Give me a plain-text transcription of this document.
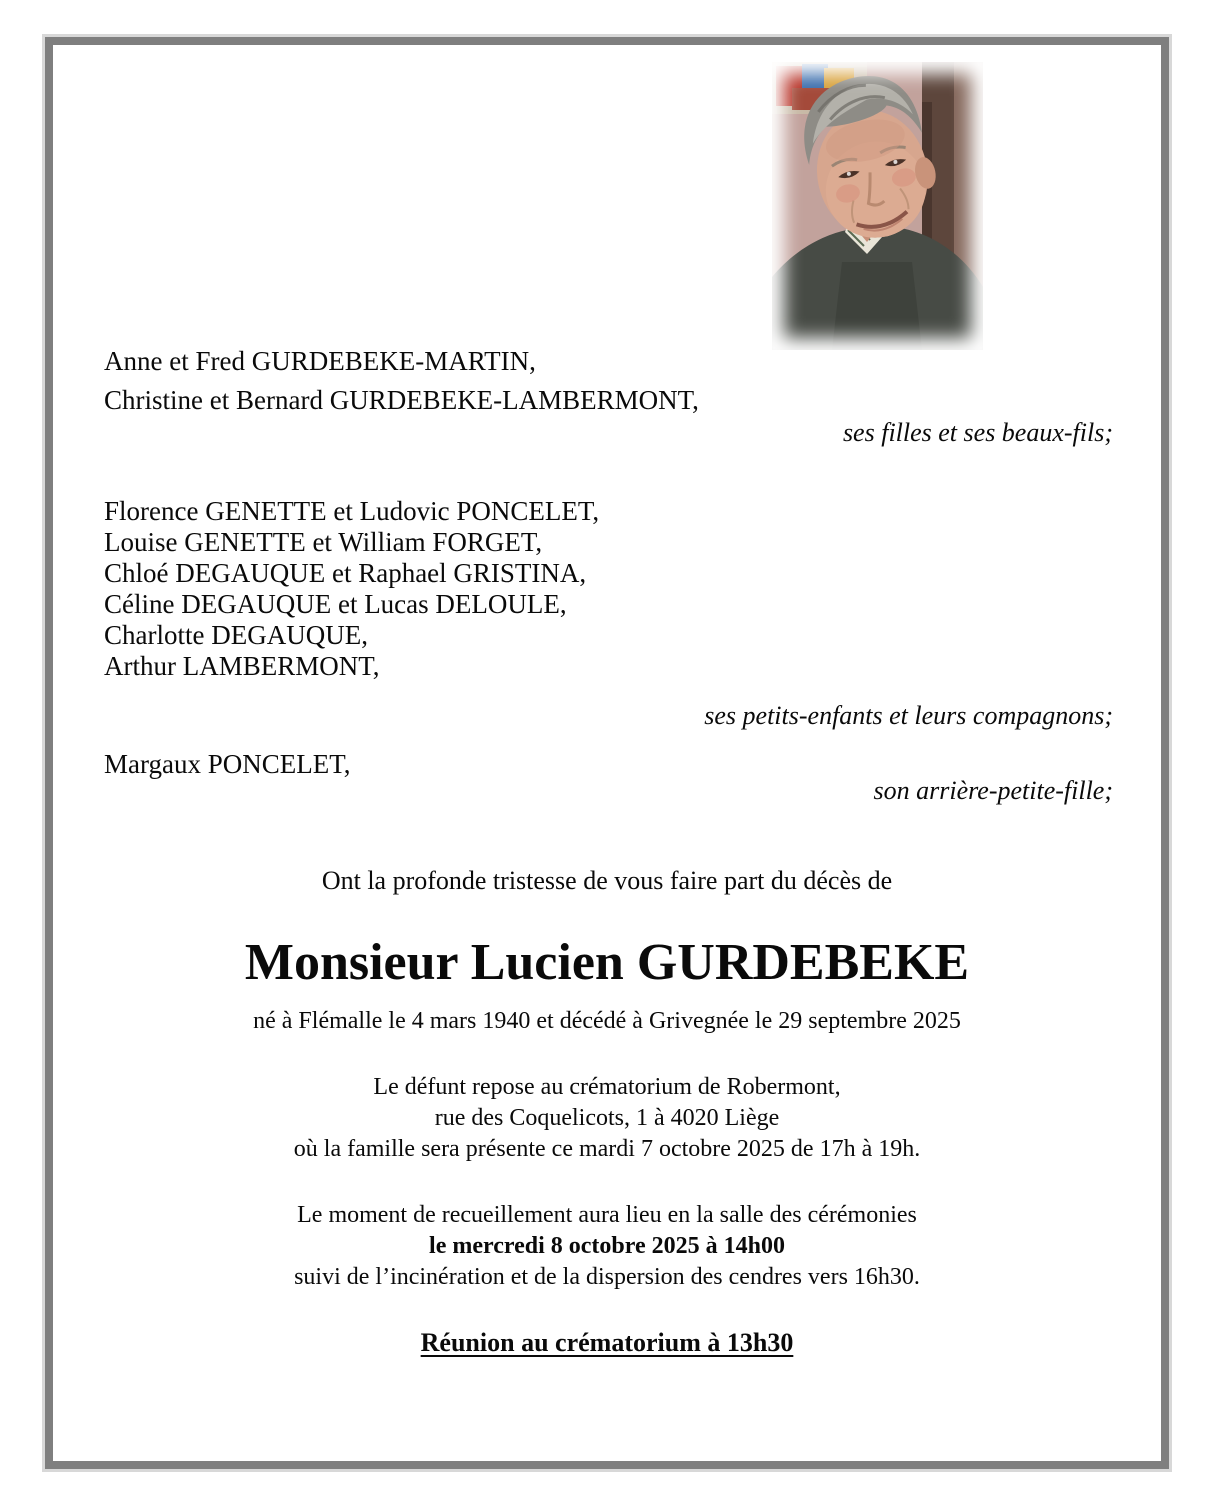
Anne et Fred GURDEBEKE-MARTIN,
Christine et Bernard GURDEBEKE-LAMBERMONT,
ses filles et ses beaux-fils;
Florence GENETTE et Ludovic PONCELET,
Louise GENETTE et William FORGET,
Chloé DEGAUQUE et Raphael GRISTINA,
Céline DEGAUQUE et Lucas DELOULE,
Charlotte DEGAUQUE,
Arthur LAMBERMONT,
ses petits-enfants et leurs compagnons;
Margaux PONCELET,
son arrière-petite-fille;
Ont la profonde tristesse de vous faire part du décès de
Monsieur Lucien GURDEBEKE
né à Flémalle le 4 mars 1940 et décédé à Grivegnée le 29 septembre 2025
Le défunt repose au crématorium de Robermont,
rue des Coquelicots, 1 à 4020 Liège
où la famille sera présente ce mardi 7 octobre 2025 de 17h à 19h.
Le moment de recueillement aura lieu en la salle des cérémonies
le mercredi 8 octobre 2025 à 14h00
suivi de l’incinération et de la dispersion des cendres vers 16h30.
Réunion au crématorium à 13h30
